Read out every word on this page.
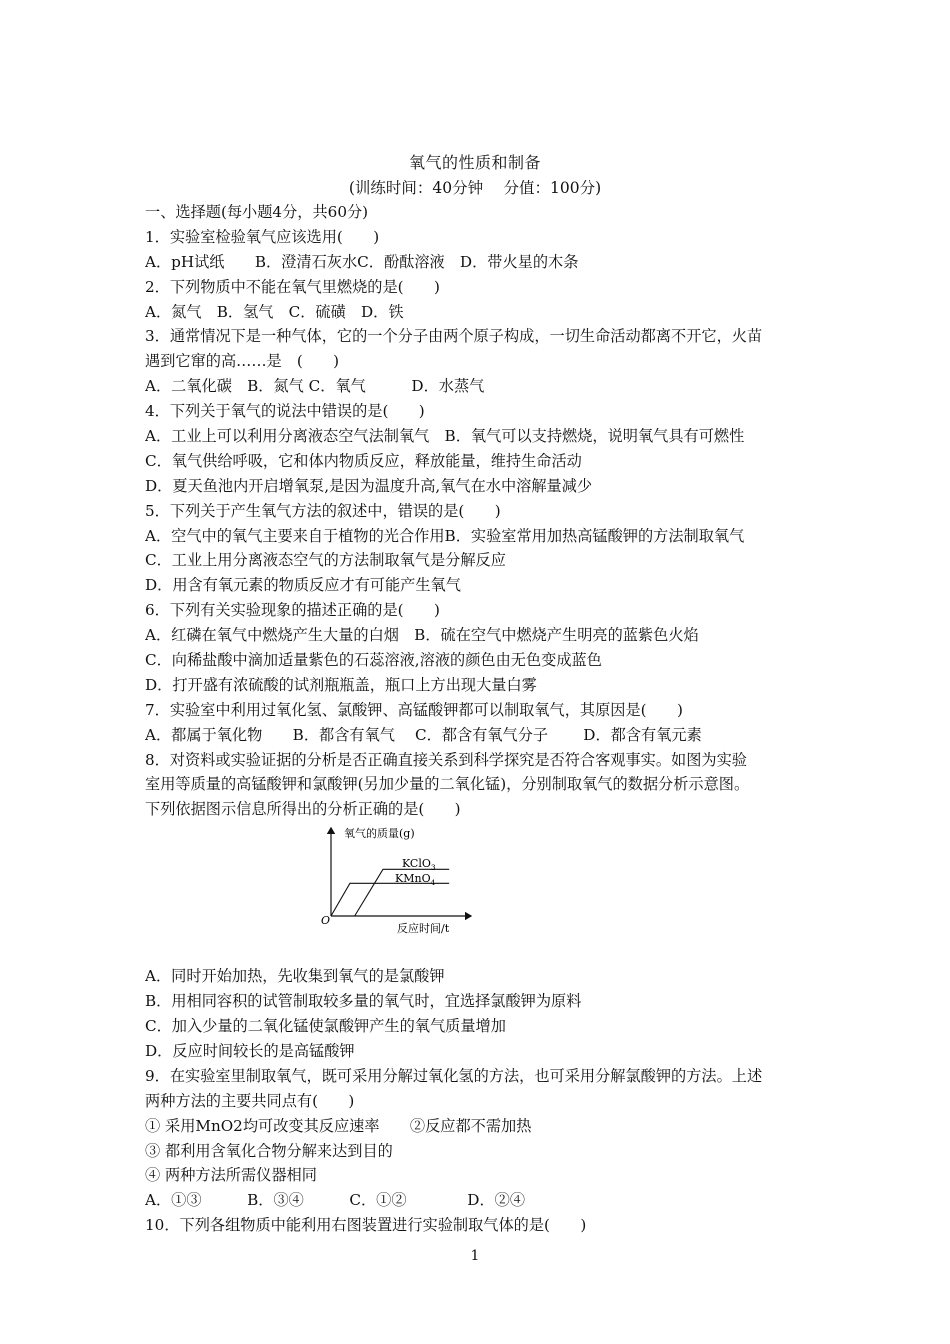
氧气的性质和制备
(训练时间：40分钟　 分值：100分)
一、选择题(每小题4分，共60分)
1．实验室检验氧气应该选用(　　)
A．pH试纸　　B．澄清石灰水C．酚酞溶液　D．带火星的木条
2．下列物质中不能在氧气里燃烧的是(　　)
A．氮气　B．氢气　C．硫磺　D．铁
3．通常情况下是一种气体，它的一个分子由两个原子构成，一切生命活动都离不开它，火苗
遇到它窜的高……是　(　　)
A．二氧化碳　B．氮气 C．氧气　　　D．水蒸气
4．下列关于氧气的说法中错误的是(　　)
A．工业上可以利用分离液态空气法制氧气　B．氧气可以支持燃烧，说明氧气具有可燃性
C．氧气供给呼吸，它和体内物质反应，释放能量，维持生命活动
D．夏天鱼池内开启增氧泵,是因为温度升高,氧气在水中溶解量减少
5．下列关于产生氧气方法的叙述中，错误的是(　　)
A．空气中的氧气主要来自于植物的光合作用B．实验室常用加热高锰酸钾的方法制取氧气
C．工业上用分离液态空气的方法制取氧气是分解反应
D．用含有氧元素的物质反应才有可能产生氧气
6．下列有关实验现象的描述正确的是(　　)
A．红磷在氧气中燃烧产生大量的白烟　B．硫在空气中燃烧产生明亮的蓝紫色火焰
C．向稀盐酸中滴加适量紫色的石蕊溶液,溶液的颜色由无色变成蓝色
D．打开盛有浓硫酸的试剂瓶瓶盖，瓶口上方出现大量白雾
7．实验室中利用过氧化氢、氯酸钾、高锰酸钾都可以制取氧气，其原因是(　　)
A．都属于氧化物　　B．都含有氧气　 C．都含有氧气分子　　 D．都含有氧元素
8．对资料或实验证据的分析是否正确直接关系到科学探究是否符合客观事实。如图为实验
室用等质量的高锰酸钾和氯酸钾(另加少量的二氧化锰)，分别制取氧气的数据分析示意图。
下列依据图示信息所得出的分析正确的是(　　)
氧气的质量(g)
反应时间/t
O
KClO$_3$
KMnO$_4$
A．同时开始加热，先收集到氧气的是氯酸钾
B．用相同容积的试管制取较多量的氧气时，宜选择氯酸钾为原料
C．加入少量的二氧化锰使氯酸钾产生的氧气质量增加
D．反应时间较长的是高锰酸钾
9．在实验室里制取氧气，既可采用分解过氧化氢的方法，也可采用分解氯酸钾的方法。上述
两种方法的主要共同点有(　　)
① 采用MnO2均可改变其反应速率　　②反应都不需加热
③ 都利用含氧化合物分解来达到目的
④ 两种方法所需仪器相同
A．①③　　　B．③④　　　C．①②　　　　D．②④
10．下列各组物质中能利用右图装置进行实验制取气体的是(　　)
1
